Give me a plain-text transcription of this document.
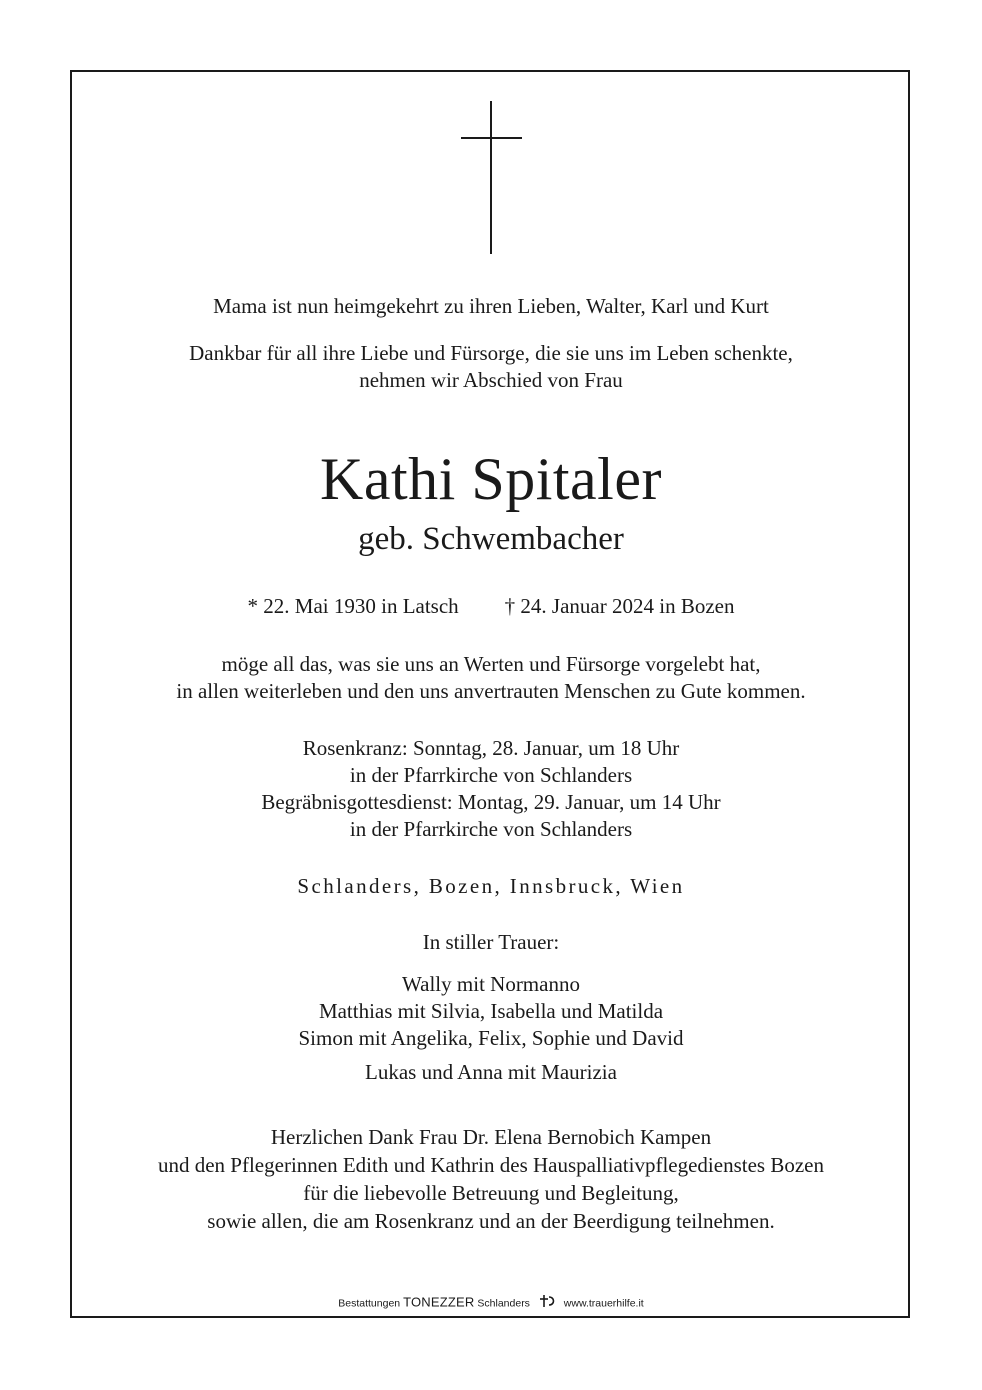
Mama ist nun heimgekehrt zu ihren Lieben, Walter, Karl und Kurt
Dankbar für all ihre Liebe und Fürsorge, die sie uns im Leben schenkte,
nehmen wir Abschied von Frau
Kathi Spitaler
geb. Schwembacher
* 22. Mai 1930 in Latsch † 24. Januar 2024 in Bozen
möge all das, was sie uns an Werten und Fürsorge vorgelebt hat,
in allen weiterleben und den uns anvertrauten Menschen zu Gute kommen.
Rosenkranz: Sonntag, 28. Januar, um 18 Uhr
in der Pfarrkirche von Schlanders
Begräbnisgottesdienst: Montag, 29. Januar, um 14 Uhr
in der Pfarrkirche von Schlanders
Schlanders, Bozen, Innsbruck, Wien
In stiller Trauer:
Wally mit Normanno
Matthias mit Silvia, Isabella und Matilda
Simon mit Angelika, Felix, Sophie und David
Lukas und Anna mit Maurizia
Herzlichen Dank Frau Dr. Elena Bernobich Kampen
und den Pflegerinnen Edith und Kathrin des Hauspalliativpflegedienstes Bozen
für die liebevolle Betreuung und Begleitung,
sowie allen, die am Rosenkranz und an der Beerdigung teilnehmen.
Bestattungen TONEZZER Schlanders	www.trauerhilfe.it
